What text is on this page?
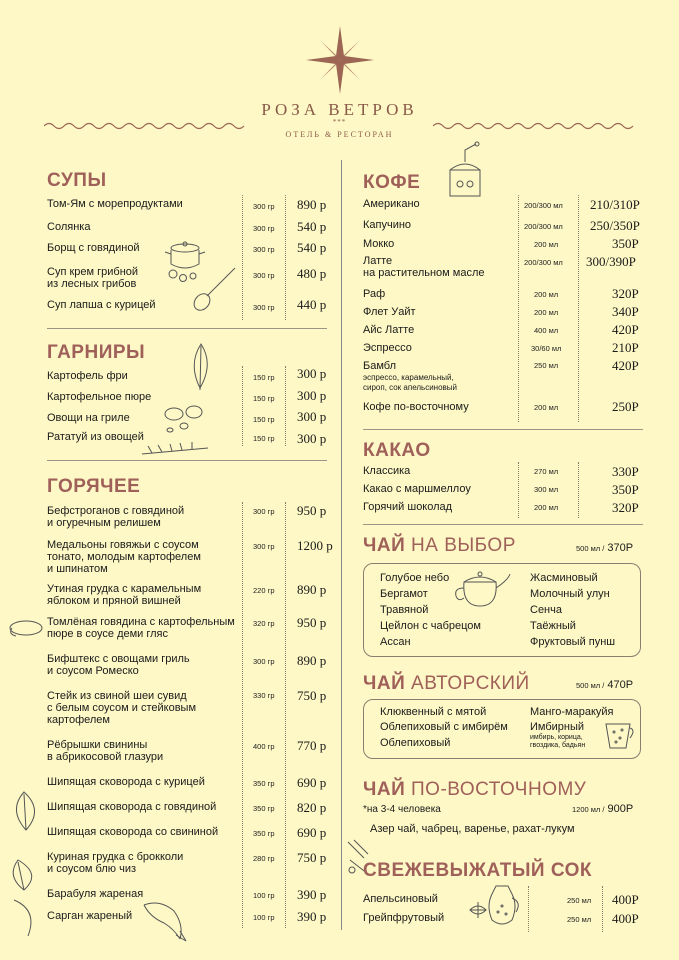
РОЗА ВЕТРОВ
***
ОТЕЛЬ & РЕСТОРАН
СУПЫ
Том-Ям с морепродуктами	300 гр 890 р
Солянка	300 гр 540 р
Борщ с говядиной	300 гр 540 р
Суп крем грибной
из лесных грибов
300 гр 480 р
Суп лапша с курицей	300 гр 440 р
ГАРНИРЫ
Картофель фри	150 гр 300 р
Картофельное пюре	150 гр 300 р
Овощи на гриле	150 гр 300 р
Рататуй из овощей	150 гр 300 р
ГОРЯЧЕЕ
Бефстроганов с говядиной
и огуречным релишем
300 гр 950 р
Медальоны говяжьи с соусом
тонато, молодым картофелем
и шпинатом
300 гр 1200 р
Утиная грудка с карамельным
яблоком и пряной вишней
220 гр 890 р
Томлёная говядина с картофельным
пюре в соусе деми гляс
320 гр 950 р
Бифштекс с овощами гриль
и соусом Ромеско
300 гр 890 р
Стейк из свиной шеи сувид
с белым соусом и стейковым
картофелем
330 гр 750 р
Рёбрышки свинины
в абрикосовой глазури
400 гр 770 р
Шипящая сковорода с курицей	350 гр 690 р
Шипящая сковорода с говядиной	350 гр 820 р
Шипящая сковорода со свининой	350 гр 690 р
Куриная грудка с брокколи
и соусом блю чиз
280 гр 750 р
Барабуля жареная	100 гр 390 р
Сарган жареный	100 гр 390 р
КОФЕ
Американо	200/300 мл 210/310Р
Капучино	200/300 мл 250/350Р
Мокко	200 мл	350Р
Латте
на растительном масле
200/300 мл 300/390Р
Раф	200 мл	320Р
Флет Уайт	200 мл	340Р
Айс Латте	400 мл	420Р
Эспрессо	30/60 мл	210Р
Бамбл
эспрессо, карамельный,
сироп, сок апельсиновый
250 мл	420Р
Кофе по-восточному	200 мл	250Р
КАКАО
Классика	270 мл	330Р
Какао с маршмеллоу	300 мл	350Р
Горячий шоколад	200 мл	320Р
ЧАЙ НА ВЫБОР	500 мл / 370Р
Голубое небо
Бергамот
Травяной
Цейлон с чабрецом
Ассан
Жасминовый
Молочный улун
Сенча
Таёжный
Фруктовый пунш
ЧАЙ АВТОРСКИЙ	500 мл / 470Р
Клюквенный с мятой
Облепиховый с имбирём
Облепиховый
Манго-маракуйя
Имбирный
имбирь, корица,
гвоздика, бадьян
ЧАЙ ПО-ВОСТОЧНОМУ
*на 3-4 человека	1200 мл / 900Р
Азер чай, чабрец, варенье, рахат-лукум
СВЕЖЕВЫЖАТЫЙ СОК
Апельсиновый	250 мл 400Р
Грейпфрутовый	250 мл 400Р
